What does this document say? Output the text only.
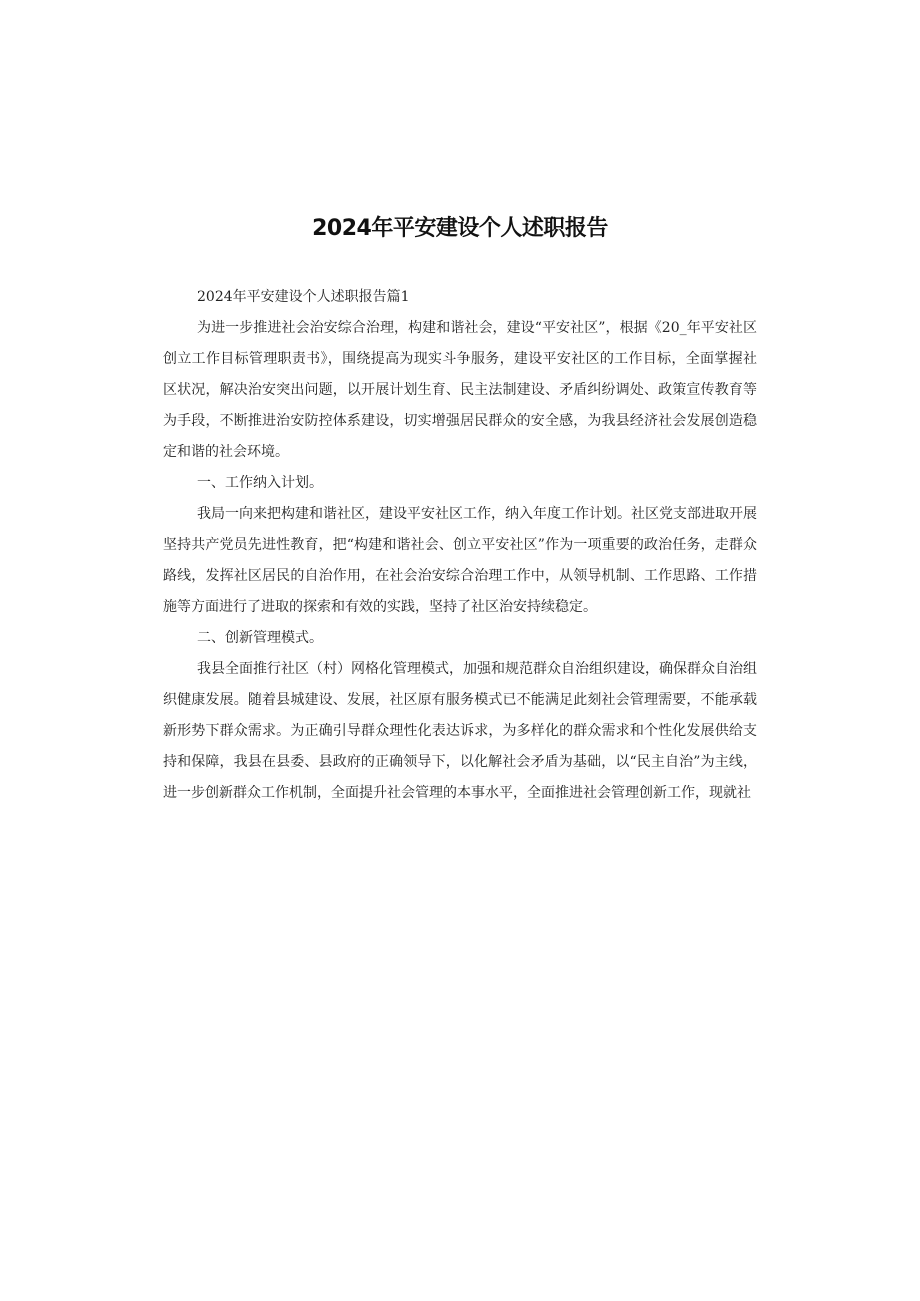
2024年平安建设个人述职报告

2024年平安建设个人述职报告篇1

为进一步推进社会治安综合治理，构建和谐社会，建设“平安社区”，根据《20_年平安社区创立工作目标管理职责书》，围绕提高为现实斗争服务，建设平安社区的工作目标，全面掌握社区状况，解决治安突出问题，以开展计划生育、民主法制建设、矛盾纠纷调处、政策宣传教育等为手段，不断推进治安防控体系建设，切实增强居民群众的安全感，为我县经济社会发展创造稳定和谐的社会环境。

一、工作纳入计划。

我局一向来把构建和谐社区，建设平安社区工作，纳入年度工作计划。社区党支部进取开展坚持共产党员先进性教育，把“构建和谐社会、创立平安社区”作为一项重要的政治任务，走群众路线，发挥社区居民的自治作用，在社会治安综合治理工作中，从领导机制、工作思路、工作措施等方面进行了进取的探索和有效的实践，坚持了社区治安持续稳定。

二、创新管理模式。

我县全面推行社区（村）网格化管理模式，加强和规范群众自治组织建设，确保群众自治组织健康发展。随着县城建设、发展，社区原有服务模式已不能满足此刻社会管理需要，不能承载新形势下群众需求。为正确引导群众理性化表达诉求，为多样化的群众需求和个性化发展供给支持和保障，我县在县委、县政府的正确领导下，以化解社会矛盾为基础，以“民主自治”为主线，进一步创新群众工作机制，全面提升社会管理的本事水平，全面推进社会管理创新工作，现就社
